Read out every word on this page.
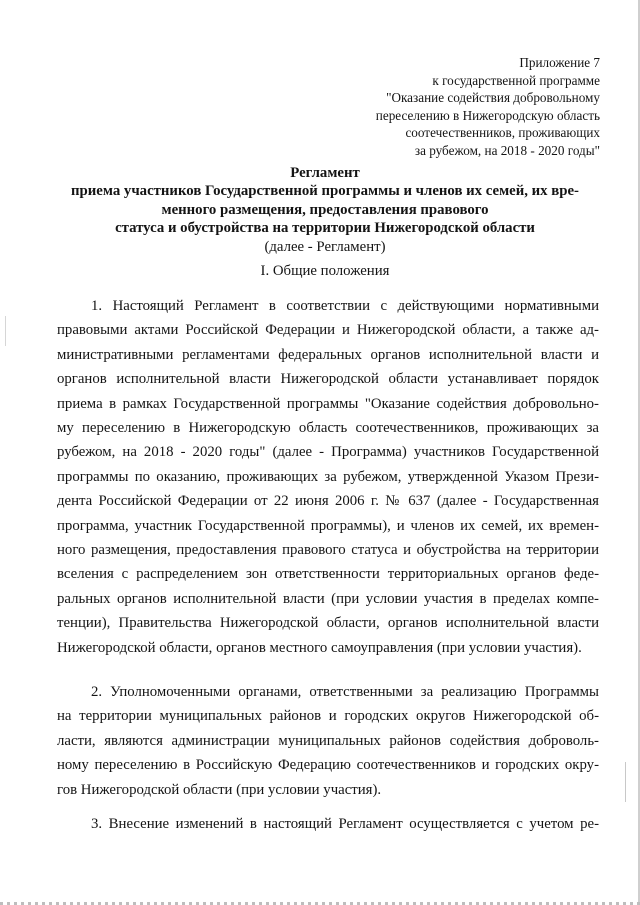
Приложение 7
к государственной программе
"Оказание содействия добровольному
переселению в Нижегородскую область
соотечественников, проживающих
за рубежом, на 2018 - 2020 годы"
Регламент
приема участников Государственной программы и членов их семей, их вре-
менного размещения, предоставления правового
статуса и обустройства на территории Нижегородской области
(далее - Регламент)
I. Общие положения
1. Настоящий Регламент в соответствии с действующими нормативными
правовыми актами Российской Федерации и Нижегородской области, а также ад-
министративными регламентами федеральных органов исполнительной власти и
органов исполнительной власти Нижегородской области устанавливает порядок
приема в рамках Государственной программы "Оказание содействия добровольно-
му переселению в Нижегородскую область соотечественников, проживающих за
рубежом, на 2018 - 2020 годы" (далее - Программа) участников Государственной
программы по оказанию, проживающих за рубежом, утвержденной Указом Прези-
дента Российской Федерации от 22 июня 2006 г. № 637 (далее - Государственная
программа, участник Государственной программы), и членов их семей, их времен-
ного размещения, предоставления правового статуса и обустройства на территории
вселения с распределением зон ответственности территориальных органов феде-
ральных органов исполнительной власти (при условии участия в пределах компе-
тенции), Правительства Нижегородской области, органов исполнительной власти
Нижегородской области, органов местного самоуправления (при условии участия).
2. Уполномоченными органами, ответственными за реализацию Программы
на территории муниципальных районов и городских округов Нижегородской об-
ласти, являются администрации муниципальных районов содействия доброволь-
ному переселению в Российскую Федерацию соотечественников и городских окру-
гов Нижегородской области (при условии участия).
3. Внесение изменений в настоящий Регламент осуществляется с учетом ре-
